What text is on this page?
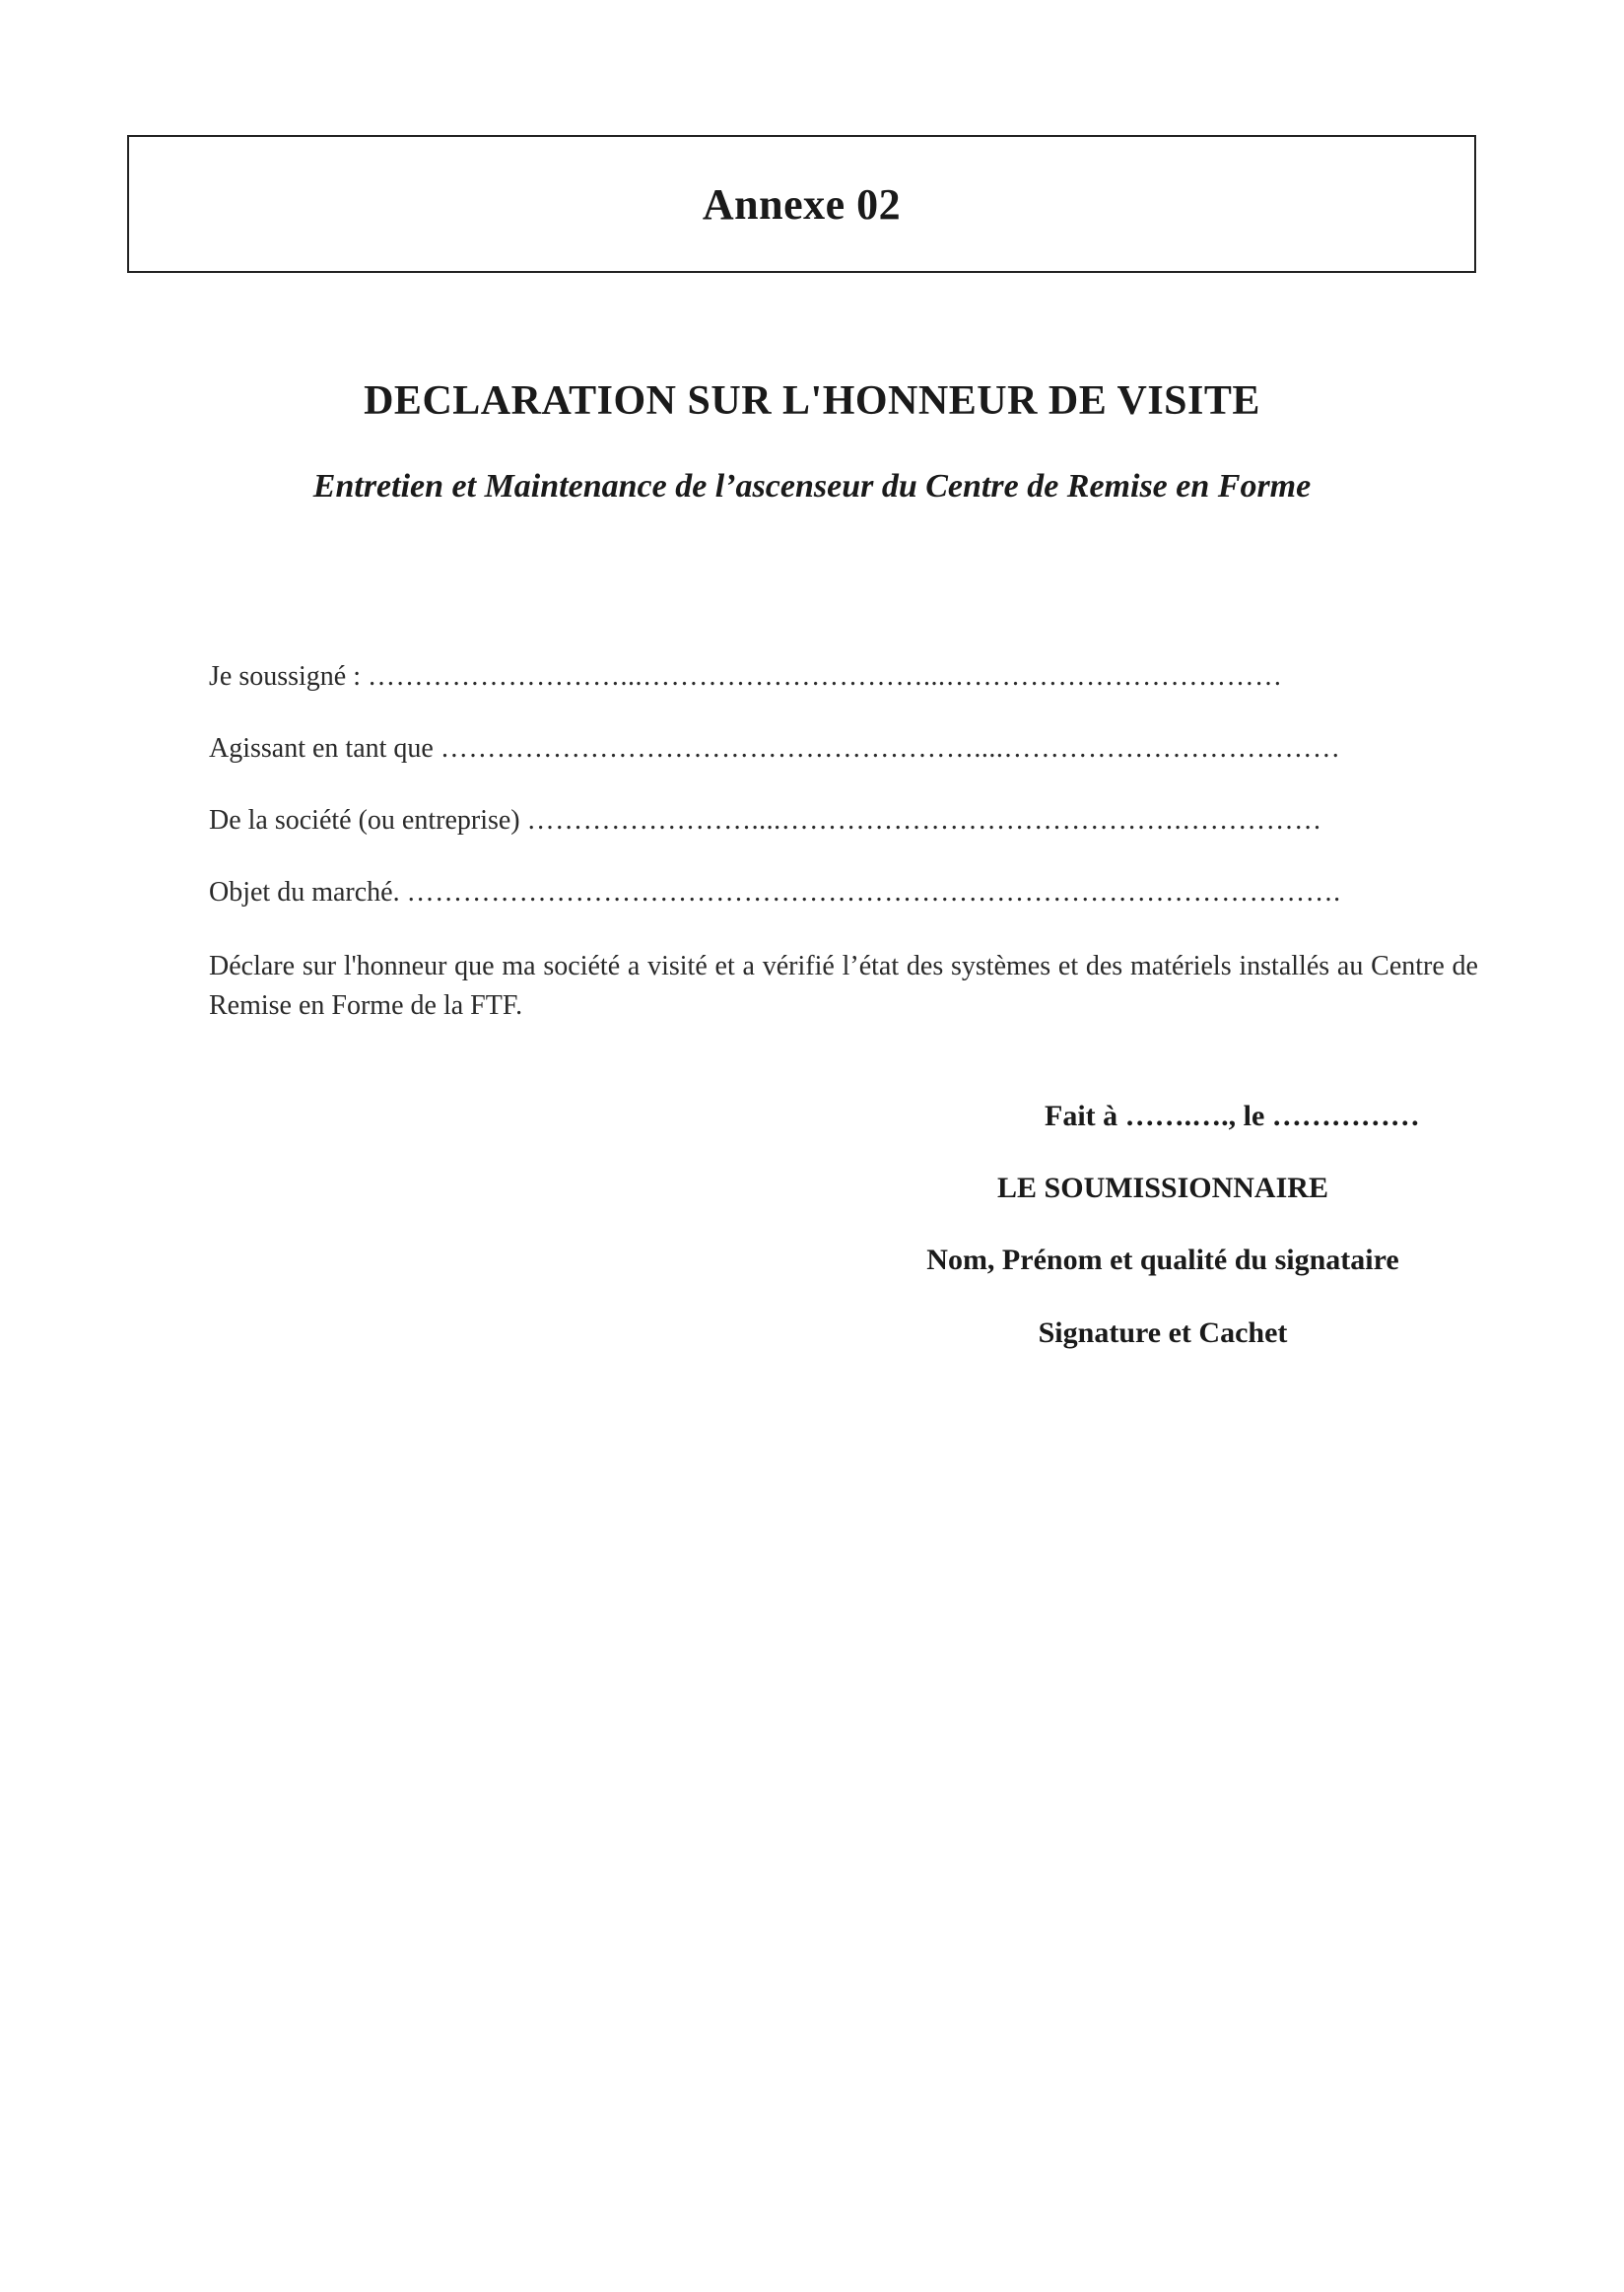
Annexe 02
DECLARATION SUR L'HONNEUR DE VISITE
Entretien et Maintenance de l’ascenseur du Centre de Remise en Forme
Je soussigné : ………………………...…………………………...………………………………
Agissant en tant que …………………………………………………....………………………………
De la société (ou entreprise) ……………………....…………………………………….……………
Objet du marché. ……………………………………………………………………………………….
Déclare sur l'honneur que ma société a visité et a vérifié l’état des systèmes et des matériels installés au Centre de Remise en Forme de la FTF.
Fait à …….…., le ……………
LE SOUMISSIONNAIRE
Nom, Prénom et qualité du signataire
Signature et Cachet
